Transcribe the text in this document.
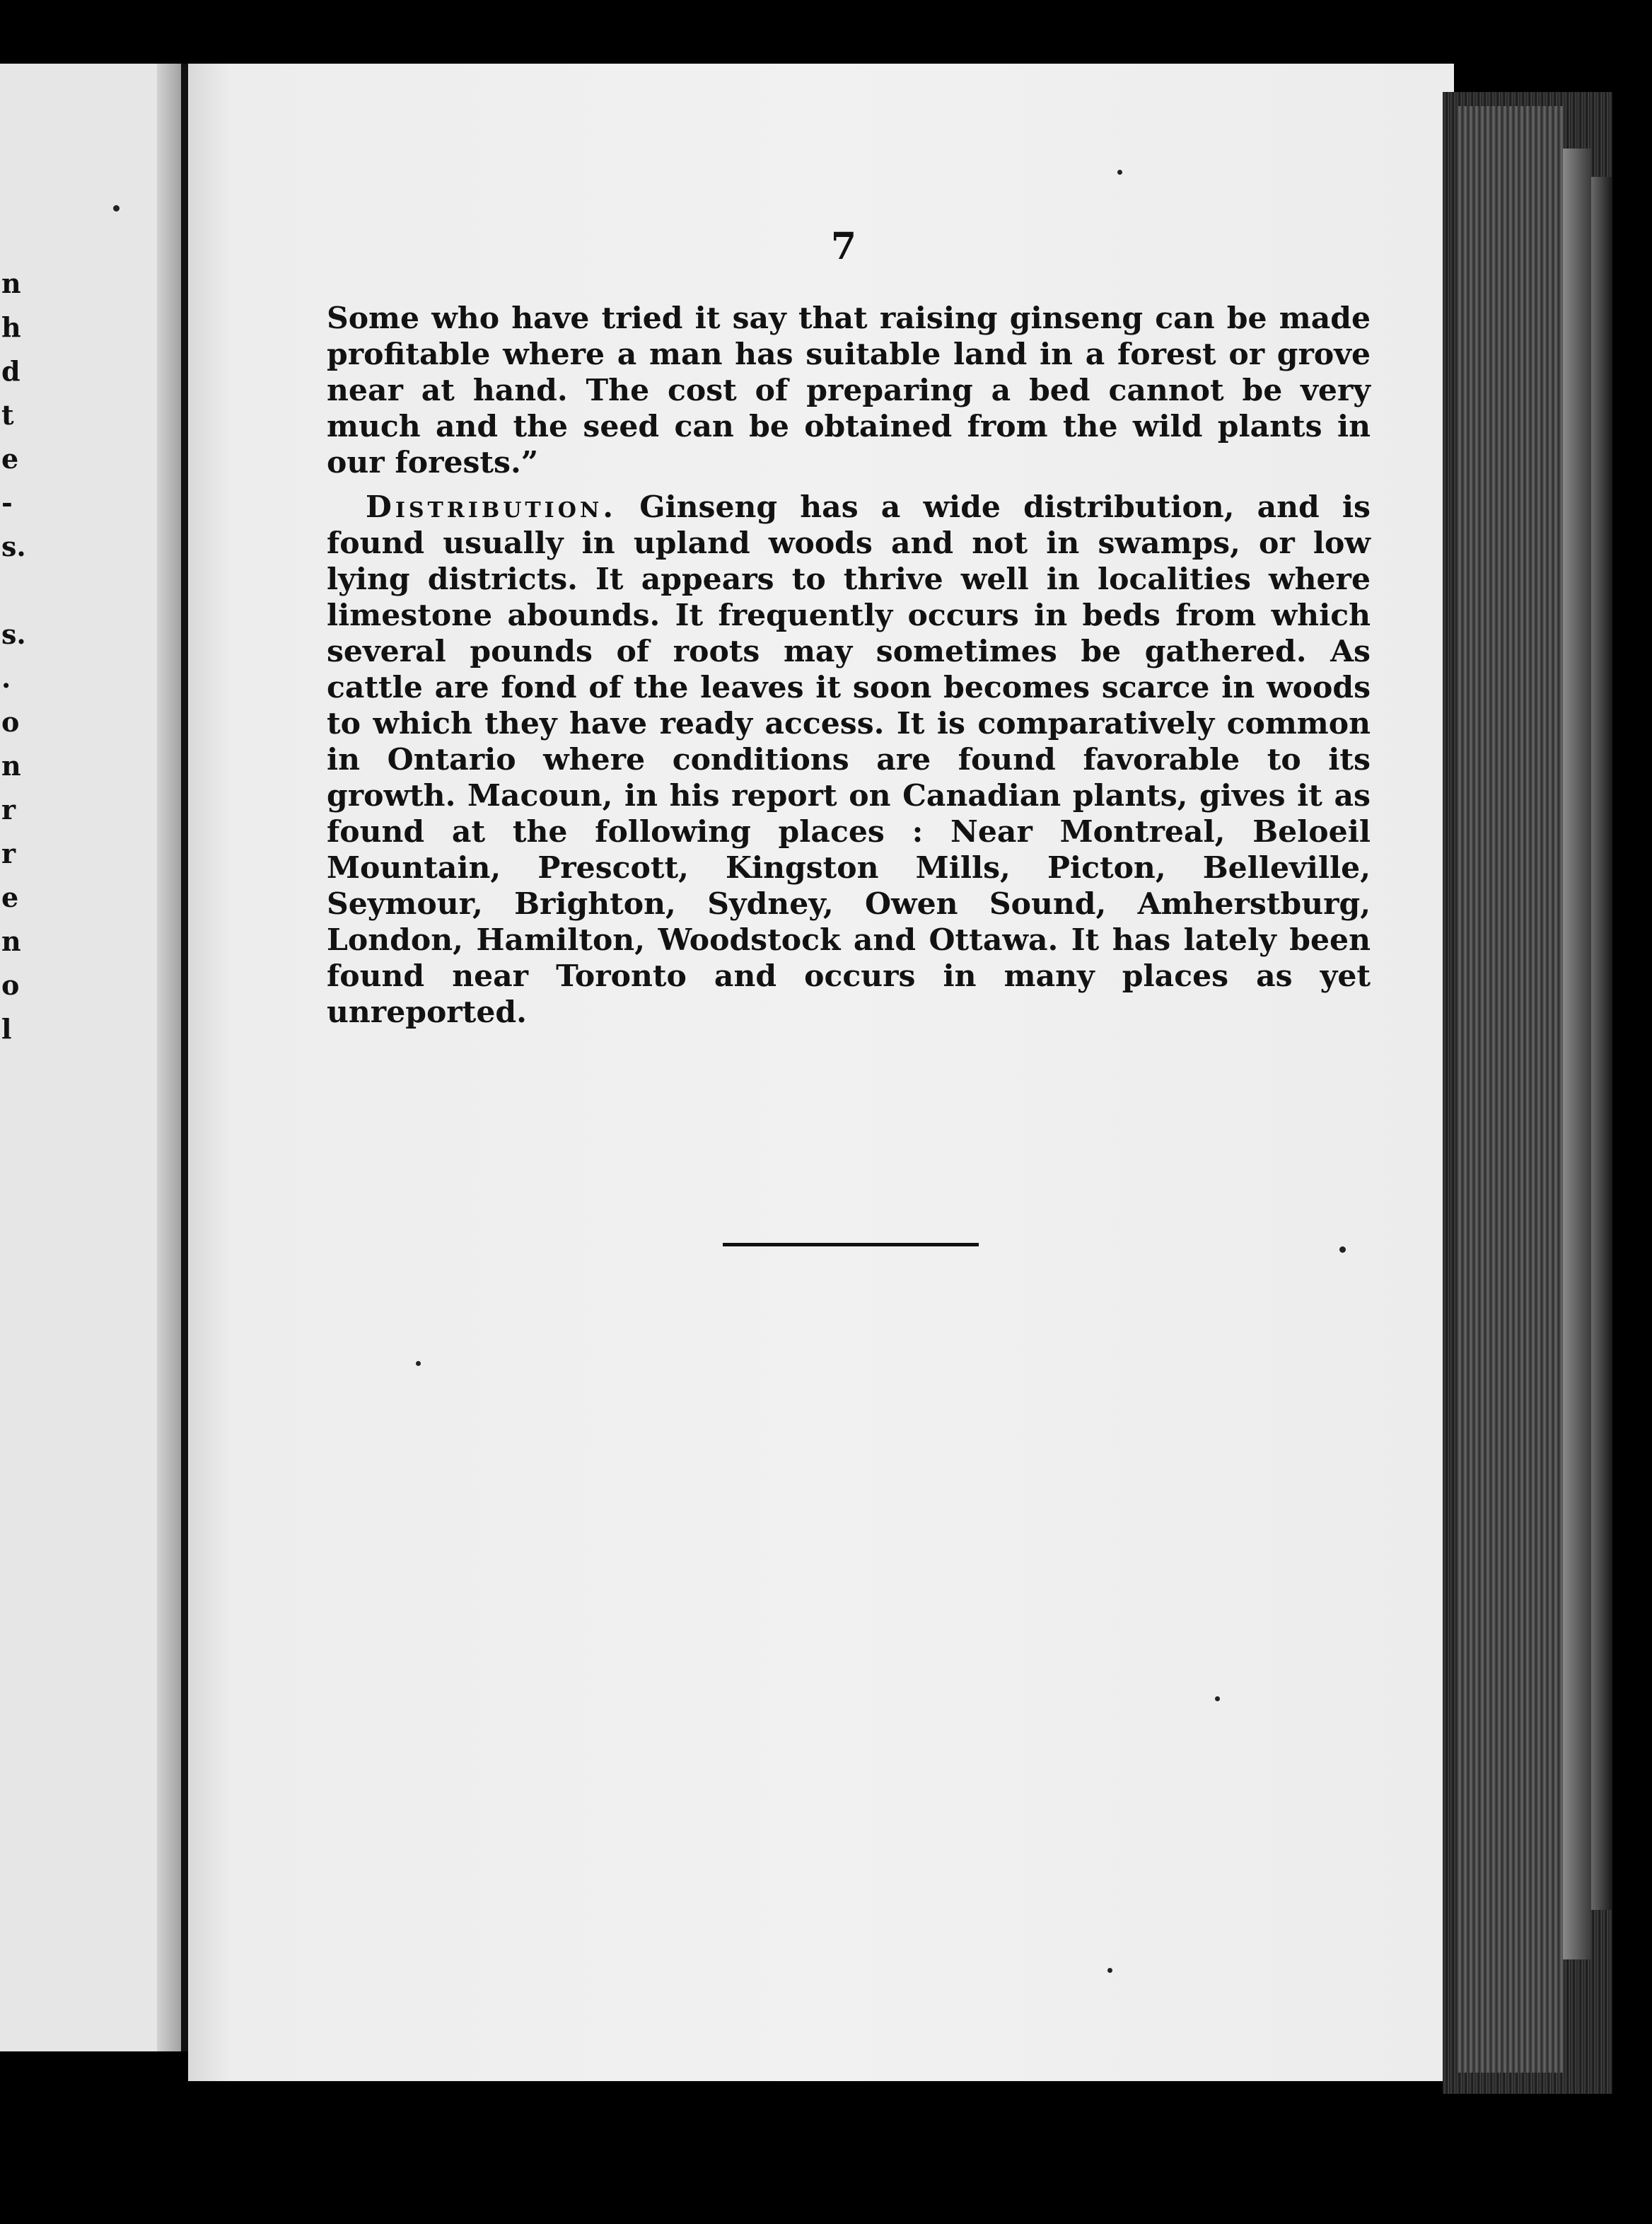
n
h
d
t
e
-
s.
s.
.
o
n
r
r
e
n
o
l
7

Some who have tried it say that raising ginseng can be made profitable where a man has suitable land in a forest or grove near at hand. The cost of preparing a bed cannot be very much and the seed can be obtained from the wild plants in our forests.”

Distribution. Ginseng has a wide distribution, and is found usually in upland woods and not in swamps, or low lying districts. It appears to thrive well in localities where limestone abounds. It frequently occurs in beds from which several pounds of roots may sometimes be gathered. As cattle are fond of the leaves it soon becomes scarce in woods to which they have ready access. It is comparatively common in Ontario where conditions are found favorable to its growth. Macoun, in his report on Canadian plants, gives it as found at the following places : Near Montreal, Beloeil Mountain, Prescott, Kingston Mills, Picton, Belleville, Seymour, Brighton, Sydney, Owen Sound, Amherstburg, London, Hamilton, Woodstock and Ottawa. It has lately been found near Toronto and occurs in many places as yet unreported.
